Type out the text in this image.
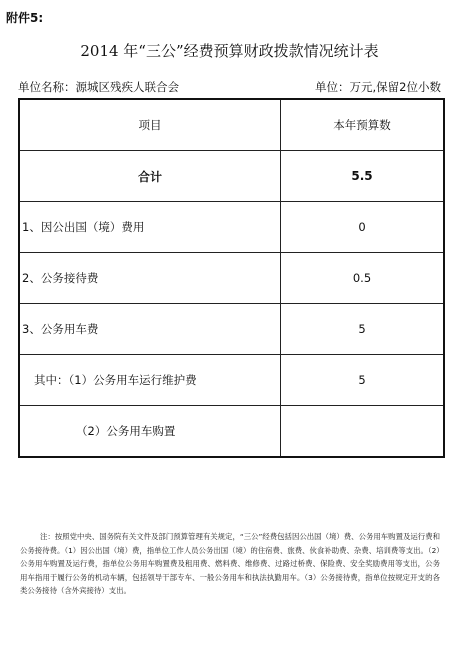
附件5:
2014 年“三公”经费预算财政拨款情况统计表
单位名称：源城区残疾人联合会	单位：万元,保留2位小数
项目	本年预算数
合计	5.5
1、因公出国（境）费用	0
2、公务接待费	0.5
3、公务用车费	5
其中：（1）公务用车运行维护费	5
（2）公务用车购置	
注：按照党中央、国务院有关文件及部门预算管理有关规定，“三公”经费包括因公出国（境）费、公务用车购置及运行费和公务接待费。（1）因公出国（境）费，指单位工作人员公务出国（境）的住宿费、旅费、伙食补助费、杂费、培训费等支出。（2）公务用车购置及运行费，指单位公务用车购置费及租用费、燃料费、维修费、过路过桥费、保险费、安全奖励费用等支出，公务用车指用于履行公务的机动车辆，包括领导干部专车、一般公务用车和执法执勤用车。（3）公务接待费，指单位按规定开支的各类公务接待（含外宾接待）支出。
